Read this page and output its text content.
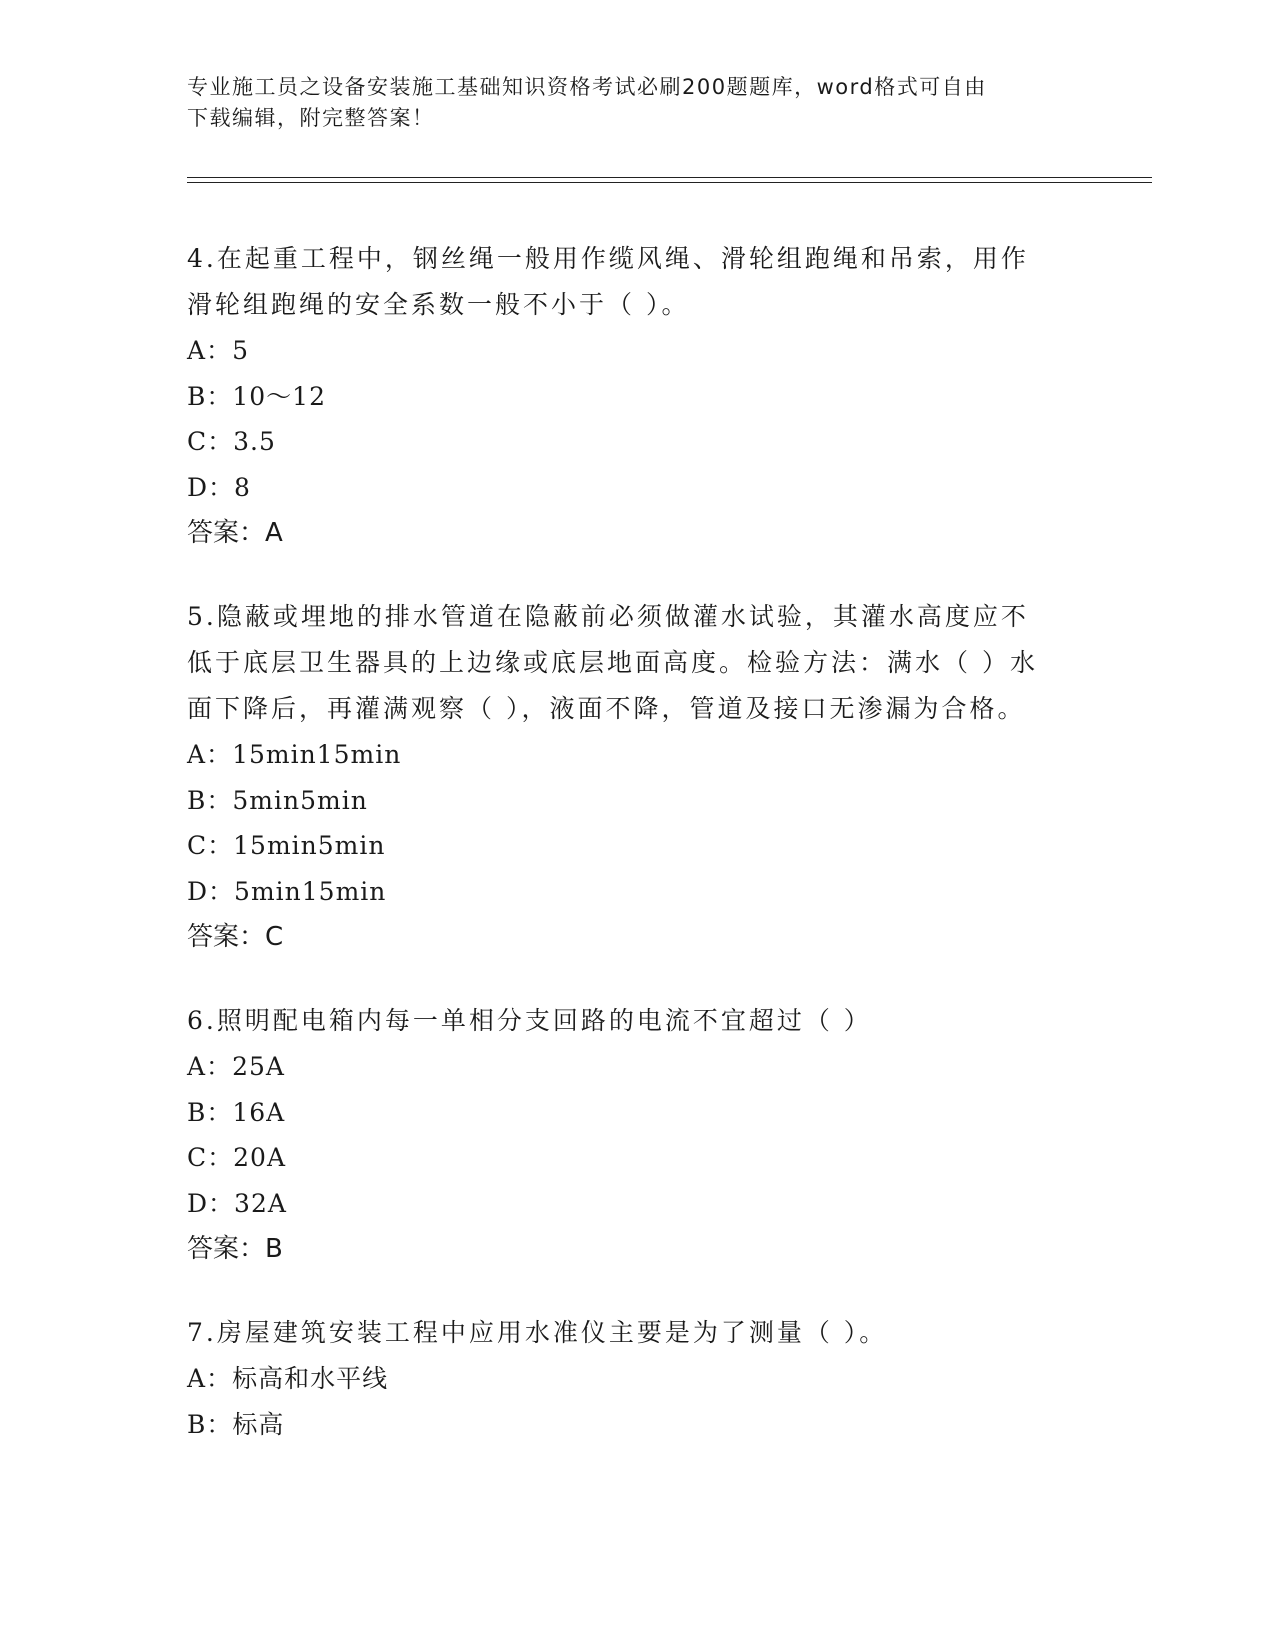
专业施工员之设备安装施工基础知识资格考试必刷200题题库，word格式可自由
下载编辑，附完整答案！

4.在起重工程中，钢丝绳一般用作缆风绳、滑轮组跑绳和吊索，用作

滑轮组跑绳的安全系数一般不小于（ ）。

A：5

B：10～12

C：3.5

D：8

答案：A

5.隐蔽或埋地的排水管道在隐蔽前必须做灌水试验，其灌水高度应不

低于底层卫生器具的上边缘或底层地面高度。检验方法：满水（ ）水

面下降后，再灌满观察（ ），液面不降，管道及接口无渗漏为合格。

A：15min15min

B：5min5min

C：15min5min

D：5min15min

答案：C

6.照明配电箱内每一单相分支回路的电流不宜超过（ ）

A：25A

B：16A

C：20A

D：32A

答案：B

7.房屋建筑安装工程中应用水准仪主要是为了测量（ ）。

A：标高和水平线

B：标高
